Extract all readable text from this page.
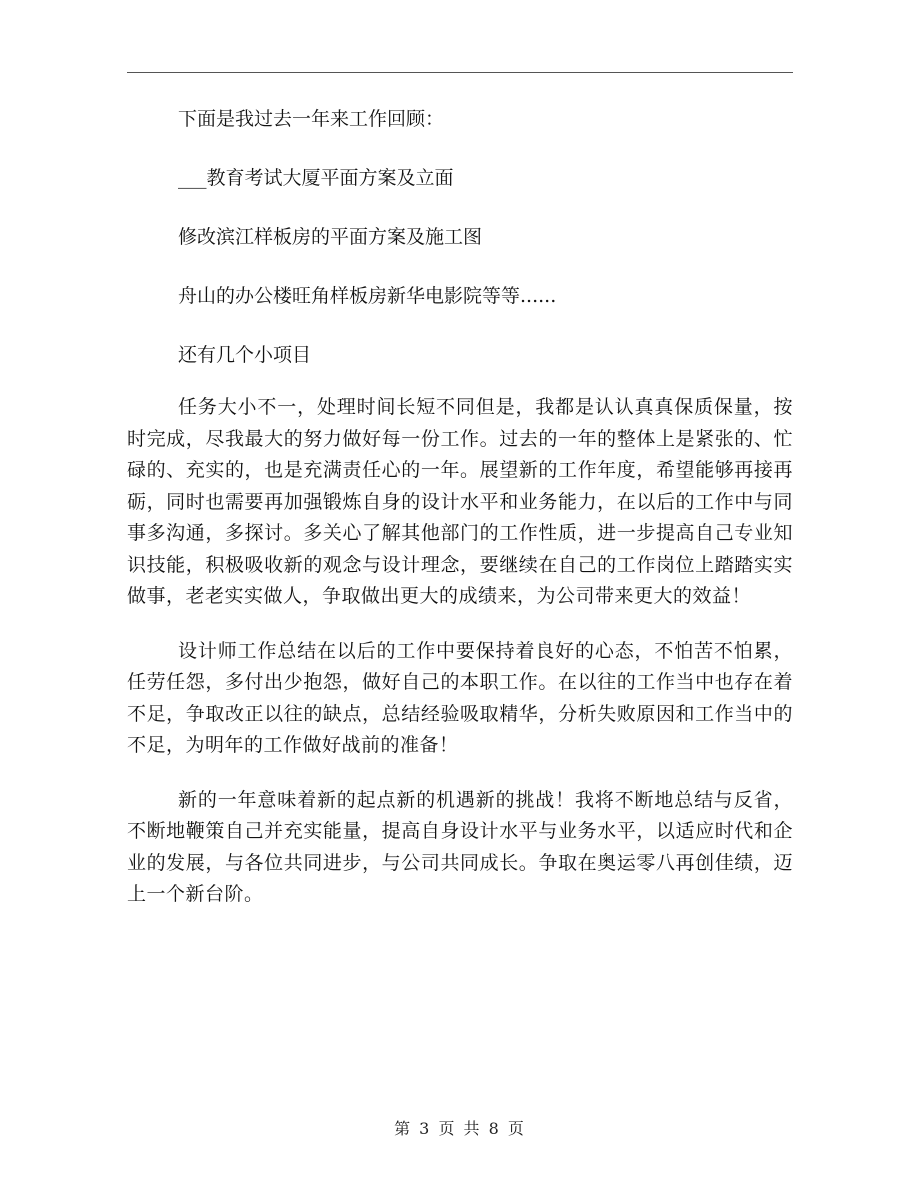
下面是我过去一年来工作回顾：
___教育考试大厦平面方案及立面
修改滨江样板房的平面方案及施工图
舟山的办公楼旺角样板房新华电影院等等......
还有几个小项目

任务大小不一，处理时间长短不同但是，我都是认认真真保质保量，按时完成，尽我最大的努力做好每一份工作。过去的一年的整体上是紧张的、忙碌的、充实的，也是充满责任心的一年。展望新的工作年度，希望能够再接再砺，同时也需要再加强锻炼自身的设计水平和业务能力，在以后的工作中与同事多沟通，多探讨。多关心了解其他部门的工作性质，进一步提高自己专业知识技能，积极吸收新的观念与设计理念，要继续在自己的工作岗位上踏踏实实做事，老老实实做人，争取做出更大的成绩来，为公司带来更大的效益！

设计师工作总结在以后的工作中要保持着良好的心态，不怕苦不怕累，任劳任怨，多付出少抱怨，做好自己的本职工作。在以往的工作当中也存在着不足，争取改正以往的缺点，总结经验吸取精华，分析失败原因和工作当中的不足，为明年的工作做好战前的准备！

新的一年意味着新的起点新的机遇新的挑战！我将不断地总结与反省，不断地鞭策自己并充实能量，提高自身设计水平与业务水平，以适应时代和企业的发展，与各位共同进步，与公司共同成长。争取在奥运零八再创佳绩，迈上一个新台阶。

第 3 页 共 8 页
